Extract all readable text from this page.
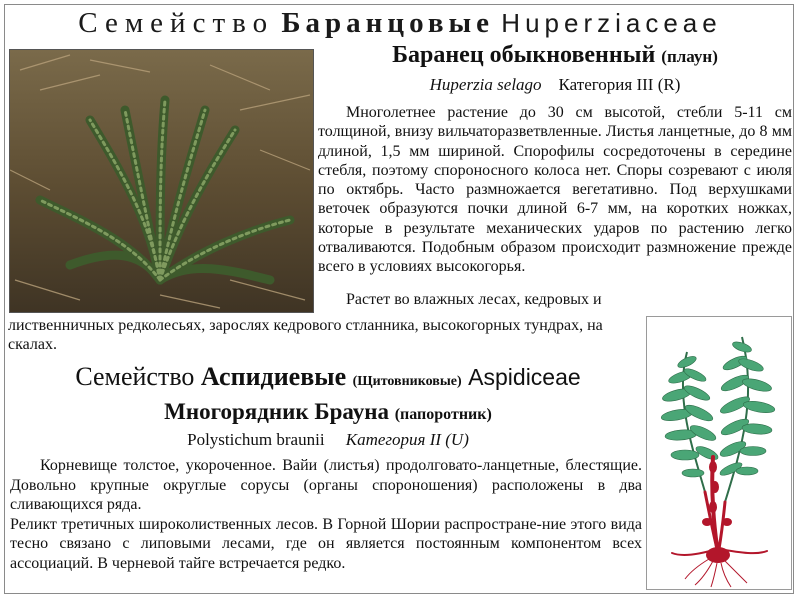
Семейство Баранцовые Huperziaceae
Баранец обыкновенный (плаун)
Huperzia selago Категория III (R)
Многолетнее растение до 30 см высотой, стебли 5-11 см толщиной, внизу вильчаторазветвленные. Листья ланцетные, до 8 мм длиной, 1,5 мм шириной. Спорофилы сосредоточены в середине стебля, поэтому спороносного колоса нет. Споры созревают с июля по октябрь. Часто размножается вегетативно. Под верхушками веточек образуются почки длиной 6-7 мм, на коротких ножках, которые в результате механических ударов по растению легко отваливаются. Подобным образом происходит размножение прежде всего в условиях высокогорья.
Растет во влажных лесах, кедровых и
лиственничных редколесьях, зарослях кедрового стланника, высокогорных тундрах, на скалах.
Семейство Аспидиевые (Щитовниковые) Aspidiceae
Многорядник Брауна (папоротник)
Polystichum braunii Категория II (U)

Корневище толстое, укороченное. Вайи (листья) продолговато-ланцетные, блестящие. Довольно крупные округлые сорусы (органы спороношения) расположены в два сливающихся ряда.

Реликт третичных широколиственных лесов. В Горной Шории распростране-ние этого вида тесно связано с липовыми лесами, где он является постоянным компонентом всех ассоциаций. В черневой тайге встречается редко.
